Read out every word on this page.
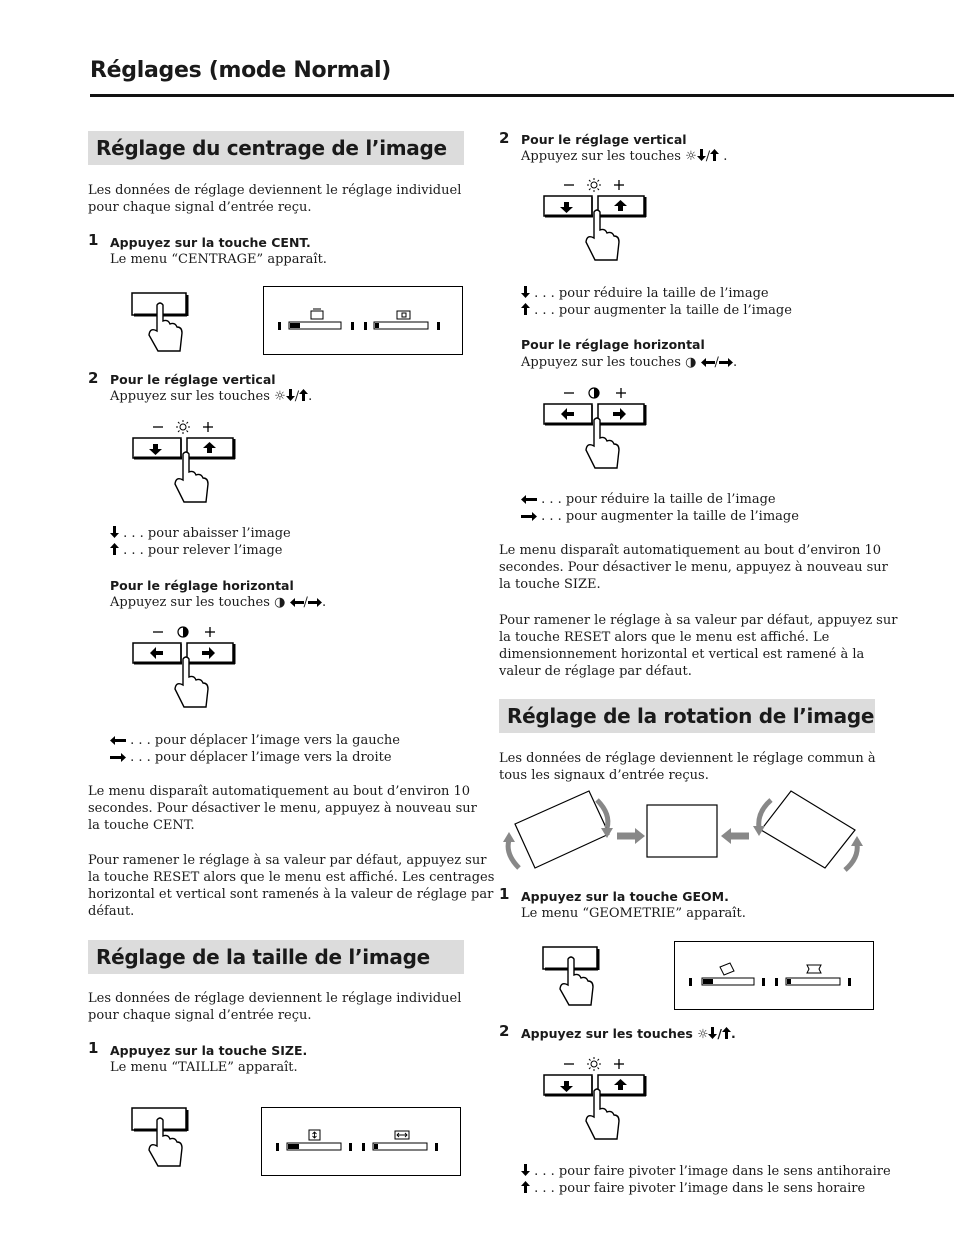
Réglages (mode Normal)
Réglage du centrage de l’image
Les données de réglage deviennent le réglage individuel
pour chaque signal d’entrée reçu.
1 Appuyez sur la touche CENT.
Le menu “CENTRAGE” apparaît.
2 Pour le réglage vertical
Appuyez sur les touches ☼ / .
. . . pour abaisser l’image
. . . pour relever l’image
Pour le réglage horizontal
Appuyez sur les touches ◑ / .
. . . pour déplacer l’image vers la gauche
. . . pour déplacer l’image vers la droite
Le menu disparaît automatiquement au bout d’environ 10
secondes. Pour désactiver le menu, appuyez à nouveau sur
la touche CENT.
Pour ramener le réglage à sa valeur par défaut, appuyez sur
la touche RESET alors que le menu est affiché. Les centrages
horizontal et vertical sont ramenés à la valeur de réglage par
défaut.
Réglage de la taille de l’image
Les données de réglage deviennent le réglage individuel
pour chaque signal d’entrée reçu.
1 Appuyez sur la touche SIZE.
Le menu “TAILLE” apparaît.
2 Pour le réglage vertical
Appuyez sur les touches ☼ / .
. . . pour réduire la taille de l’image
. . . pour augmenter la taille de l’image
Pour le réglage horizontal
Appuyez sur les touches ◑ / .
. . . pour réduire la taille de l’image
. . . pour augmenter la taille de l’image
Le menu disparaît automatiquement au bout d’environ 10
secondes. Pour désactiver le menu, appuyez à nouveau sur
la touche SIZE.
Pour ramener le réglage à sa valeur par défaut, appuyez sur
la touche RESET alors que le menu est affiché. Le
dimensionnement horizontal et vertical est ramené à la
valeur de réglage par défaut.
Réglage de la rotation de l’image
Les données de réglage deviennent le réglage commun à
tous les signaux d’entrée reçus.
1 Appuyez sur la touche GEOM.
Le menu “GEOMETRIE” apparaît.
2 Appuyez sur les touches ☼ / .
. . . pour faire pivoter l’image dans le sens antihoraire
. . . pour faire pivoter l’image dans le sens horaire
